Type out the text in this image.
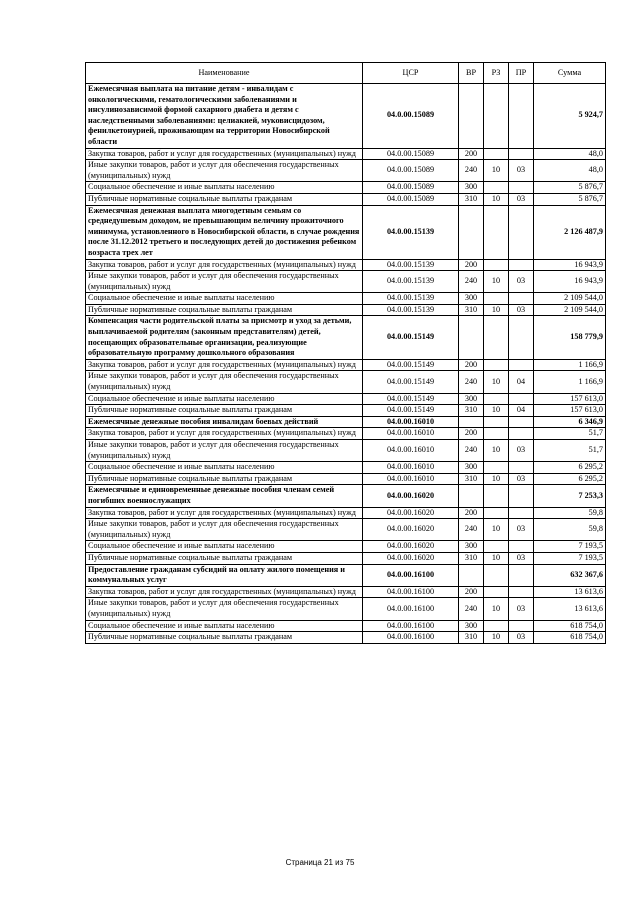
Наименование	ЦСР	ВР	РЗ	ПР	Сумма
Ежемесячная выплата на питание детям - инвалидам с онкологическими, гематологическими заболеваниями и инсулинозависимой формой сахарного диабета и детям с наследственными заболеваниями: целиакией, муковисцидозом, фенилкетонурией, проживающим на территории Новосибирской области	04.0.00.15089				5 924,7
Закупка товаров, работ и услуг для государственных (муниципальных) нужд	04.0.00.15089	200			48,0
Иные закупки товаров, работ и услуг для обеспечения государственных (муниципальных) нужд	04.0.00.15089	240	10	03	48,0
Социальное обеспечение и иные выплаты населению	04.0.00.15089	300			5 876,7
Публичные нормативные социальные выплаты гражданам	04.0.00.15089	310	10	03	5 876,7
Ежемесячная денежная выплата многодетным семьям со среднедушевым доходом, не превышающим величину прожиточного минимума, установленного в Новосибирской области, в случае рождения после 31.12.2012 третьего и последующих детей до достижения ребенком возраста трех лет	04.0.00.15139				2 126 487,9
Закупка товаров, работ и услуг для государственных (муниципальных) нужд	04.0.00.15139	200			16 943,9
Иные закупки товаров, работ и услуг для обеспечения государственных (муниципальных) нужд	04.0.00.15139	240	10	03	16 943,9
Социальное обеспечение и иные выплаты населению	04.0.00.15139	300			2 109 544,0
Публичные нормативные социальные выплаты гражданам	04.0.00.15139	310	10	03	2 109 544,0
Компенсация части родительской платы за присмотр и уход за детьми, выплачиваемой родителям (законным представителям) детей, посещающих образовательные организации, реализующие образовательную программу дошкольного образования	04.0.00.15149				158 779,9
Закупка товаров, работ и услуг для государственных (муниципальных) нужд	04.0.00.15149	200			1 166,9
Иные закупки товаров, работ и услуг для обеспечения государственных (муниципальных) нужд	04.0.00.15149	240	10	04	1 166,9
Социальное обеспечение и иные выплаты населению	04.0.00.15149	300			157 613,0
Публичные нормативные социальные выплаты гражданам	04.0.00.15149	310	10	04	157 613,0
Ежемесячные денежные пособия инвалидам боевых действий	04.0.00.16010				6 346,9
Закупка товаров, работ и услуг для государственных (муниципальных) нужд	04.0.00.16010	200			51,7
Иные закупки товаров, работ и услуг для обеспечения государственных (муниципальных) нужд	04.0.00.16010	240	10	03	51,7
Социальное обеспечение и иные выплаты населению	04.0.00.16010	300			6 295,2
Публичные нормативные социальные выплаты гражданам	04.0.00.16010	310	10	03	6 295,2
Ежемесячные и единовременные денежные пособия членам семей погибших военнослужащих	04.0.00.16020				7 253,3
Закупка товаров, работ и услуг для государственных (муниципальных) нужд	04.0.00.16020	200			59,8
Иные закупки товаров, работ и услуг для обеспечения государственных (муниципальных) нужд	04.0.00.16020	240	10	03	59,8
Социальное обеспечение и иные выплаты населению	04.0.00.16020	300			7 193,5
Публичные нормативные социальные выплаты гражданам	04.0.00.16020	310	10	03	7 193,5
Предоставление гражданам субсидий на оплату жилого помещения и коммунальных услуг	04.0.00.16100				632 367,6
Закупка товаров, работ и услуг для государственных (муниципальных) нужд	04.0.00.16100	200			13 613,6
Иные закупки товаров, работ и услуг для обеспечения государственных (муниципальных) нужд	04.0.00.16100	240	10	03	13 613,6
Социальное обеспечение и иные выплаты населению	04.0.00.16100	300			618 754,0
Публичные нормативные социальные выплаты гражданам	04.0.00.16100	310	10	03	618 754,0
Страница 21 из 75
